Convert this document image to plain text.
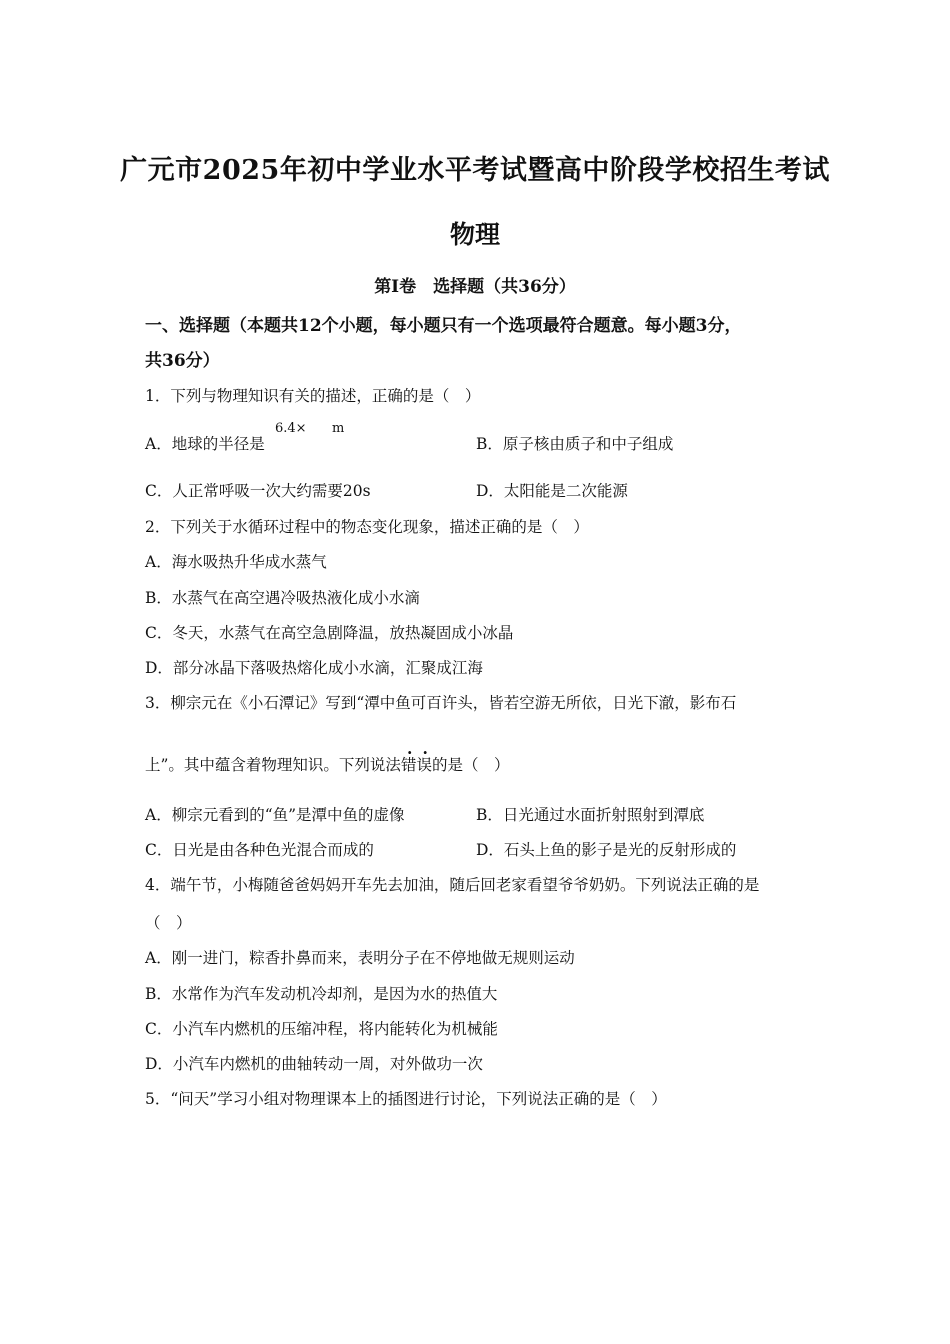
广元市2025年初中学业水平考试暨高中阶段学校招生考试
物理
第Ⅰ卷　选择题（共36分）
一、选择题（本题共12个小题，每小题只有一个选项最符合题意。每小题3分，
共36分）
1．下列与物理知识有关的描述，正确的是（　）
A．地球的半径是
6.4× m
B．原子核由质子和中子组成
C．人正常呼吸一次大约需要20s	D．太阳能是二次能源
2．下列关于水循环过程中的物态变化现象，描述正确的是（　）
A．海水吸热升华成水蒸气
B．水蒸气在高空遇冷吸热液化成小水滴
C．冬天，水蒸气在高空急剧降温，放热凝固成小冰晶
D．部分冰晶下落吸热熔化成小水滴，汇聚成江海
3．柳宗元在《小石潭记》写到“潭中鱼可百许头，皆若空游无所依，日光下澈，影布石
上”。其中蕴含着物理知识。下列说法错误的是（　）
A．柳宗元看到的“鱼”是潭中鱼的虚像	B．日光通过水面折射照射到潭底
C．日光是由各种色光混合而成的	D．石头上鱼的影子是光的反射形成的
4．端午节，小梅随爸爸妈妈开车先去加油，随后回老家看望爷爷奶奶。下列说法正确的是
（　）
A．刚一进门，粽香扑鼻而来，表明分子在不停地做无规则运动
B．水常作为汽车发动机冷却剂，是因为水的热值大
C．小汽车内燃机的压缩冲程，将内能转化为机械能
D．小汽车内燃机的曲轴转动一周，对外做功一次
5．“问天”学习小组对物理课本上的插图进行讨论，下列说法正确的是（　）
